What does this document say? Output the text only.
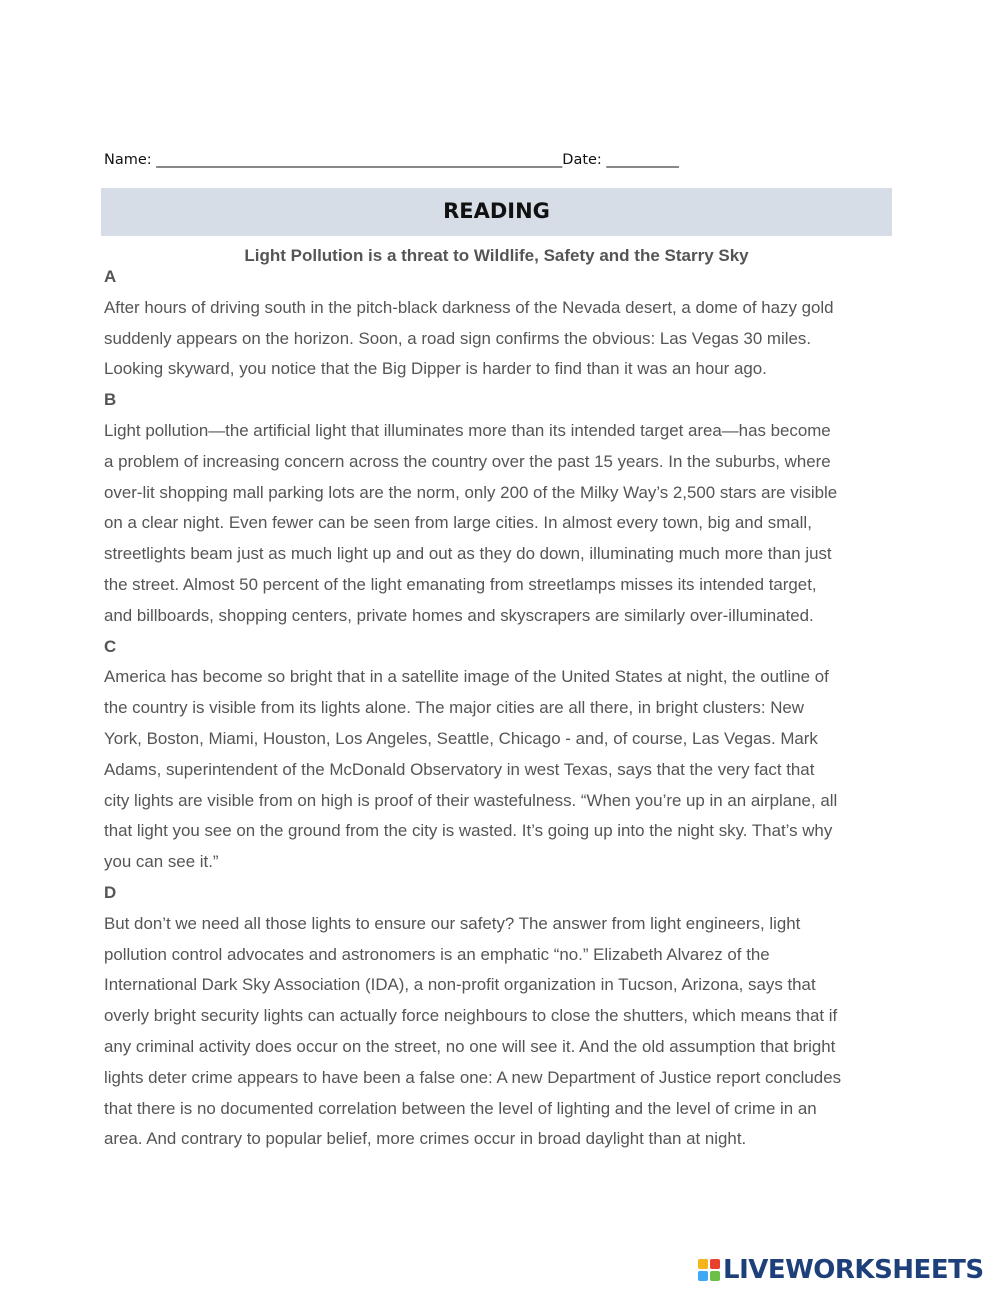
Name: ________________________________________________________Date: __________
READING
Light Pollution is a threat to Wildlife, Safety and the Starry Sky
A
After hours of driving south in the pitch-black darkness of the Nevada desert, a dome of hazy gold
suddenly appears on the horizon. Soon, a road sign confirms the obvious: Las Vegas 30 miles.
Looking skyward, you notice that the Big Dipper is harder to find than it was an hour ago.
B
Light pollution—the artificial light that illuminates more than its intended target area—has become
a problem of increasing concern across the country over the past 15 years. In the suburbs, where
over-lit shopping mall parking lots are the norm, only 200 of the Milky Way’s 2,500 stars are visible
on a clear night. Even fewer can be seen from large cities. In almost every town, big and small,
streetlights beam just as much light up and out as they do down, illuminating much more than just
the street. Almost 50 percent of the light emanating from streetlamps misses its intended target,
and billboards, shopping centers, private homes and skyscrapers are similarly over-illuminated.
C
America has become so bright that in a satellite image of the United States at night, the outline of
the country is visible from its lights alone. The major cities are all there, in bright clusters: New
York, Boston, Miami, Houston, Los Angeles, Seattle, Chicago - and, of course, Las Vegas. Mark
Adams, superintendent of the McDonald Observatory in west Texas, says that the very fact that
city lights are visible from on high is proof of their wastefulness. “When you’re up in an airplane, all
that light you see on the ground from the city is wasted. It’s going up into the night sky. That’s why
you can see it.”
D
But don’t we need all those lights to ensure our safety? The answer from light engineers, light
pollution control advocates and astronomers is an emphatic “no.” Elizabeth Alvarez of the
International Dark Sky Association (IDA), a non-profit organization in Tucson, Arizona, says that
overly bright security lights can actually force neighbours to close the shutters, which means that if
any criminal activity does occur on the street, no one will see it. And the old assumption that bright
lights deter crime appears to have been a false one: A new Department of Justice report concludes
that there is no documented correlation between the level of lighting and the level of crime in an
area. And contrary to popular belief, more crimes occur in broad daylight than at night.
LIVEWORKSHEETS
